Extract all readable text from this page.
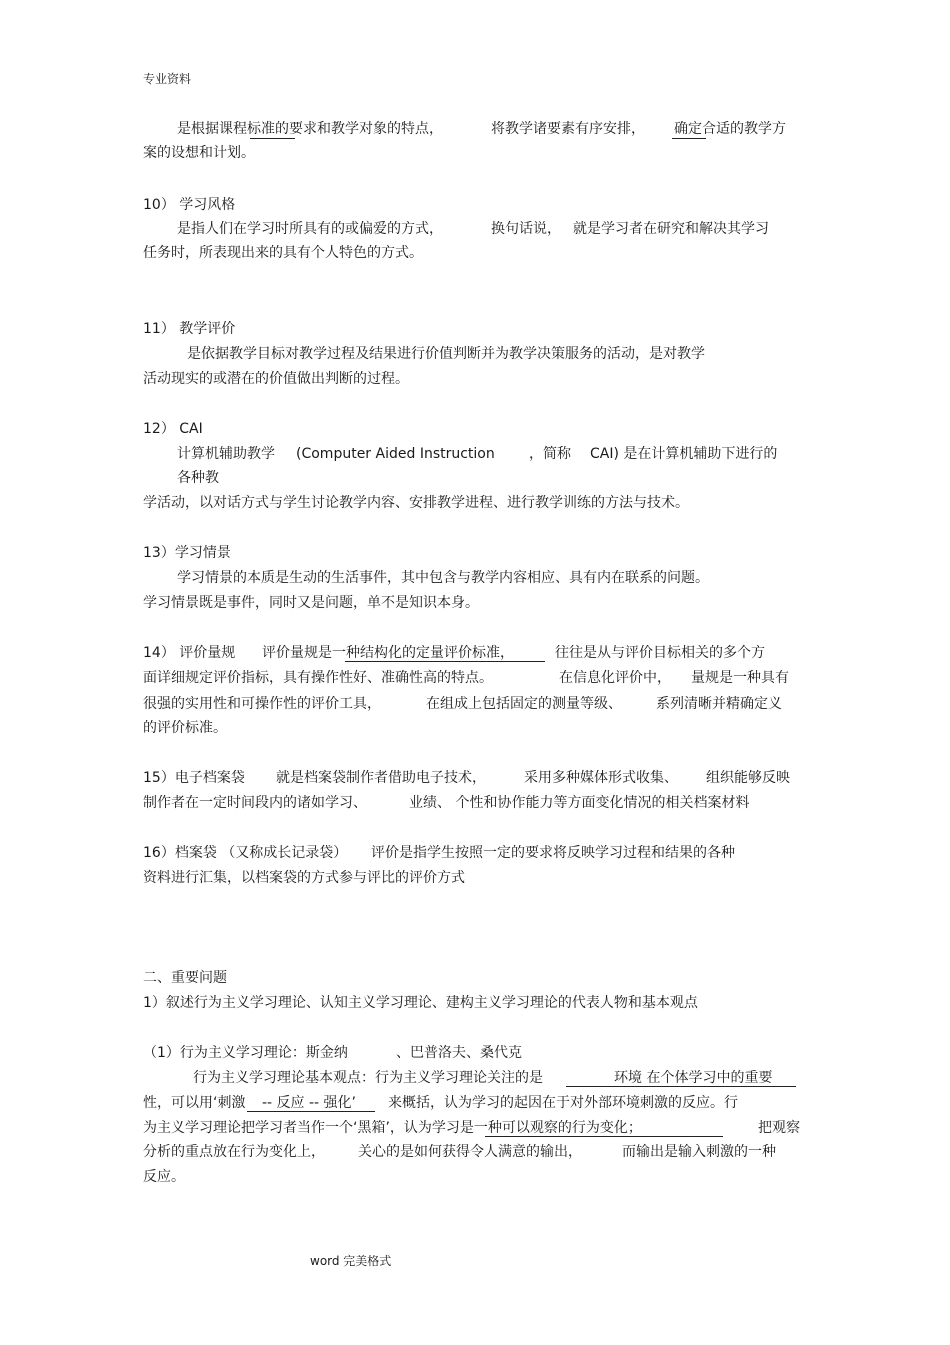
专业资料
是根据课程标准的要求和教学对象的特点，	将教学诸要素有序安排， 确定合适的教学方
案的设想和计划。
10） 学习风格
是指人们在学习时所具有的或偏爱的方式，	换句话说， 就是学习者在研究和解决其学习
任务时，所表现出来的具有个人特色的方式。
11） 教学评价
是依据教学目标对教学过程及结果进行价值判断并为教学决策服务的活动，是对教学
活动现实的或潜在的价值做出判断的过程。
12） CAI
计算机辅助教学 (Computer Aided Instruction ，简称 CAI) 是在计算机辅助下进行的
各种教
学活动，以对话方式与学生讨论教学内容、安排教学进程、进行教学训练的方法与技术。
13）学习情景
学习情景的本质是生动的生活事件，其中包含与教学内容相应、具有内在联系的问题。
学习情景既是事件，同时又是问题，单不是知识本身。
14） 评价量规 评价量规是一种结构化的定量评价标准，	往往是从与评价目标相关的多个方
面详细规定评价指标，具有操作性好、准确性高的特点。	在信息化评价中， 量规是一种具有
很强的实用性和可操作性的评价工具，	在组成上包括固定的测量等级、 系列清晰并精确定义
的评价标准。
15）电子档案袋 就是档案袋制作者借助电子技术，	采用多种媒体形式收集、 组织能够反映
制作者在一定时间段内的诸如学习、	业绩、 个性和协作能力等方面变化情况的相关档案材料
16）档案袋 （又称成长记录袋） 评价是指学生按照一定的要求将反映学习过程和结果的各种
资料进行汇集，以档案袋的方式参与评比的评价方式
二、重要问题
1）叙述行为主义学习理论、认知主义学习理论、建构主义学习理论的代表人物和基本观点
（1）行为主义学习理论：斯金纳	、巴普洛夫、桑代克
行为主义学习理论基本观点：行为主义学习理论关注的是	环境 在个体学习中的重要
性，可以用‘刺激 -- 反应 -- 强化’ 来概括，认为学习的起因在于对外部环境刺激的反应。行
为主义学习理论把学习者当作一个‘黑箱’，认为学习是一种可以观察的行为变化；	把观察
分析的重点放在行为变化上， 关心的是如何获得令人满意的输出，	而输出是输入刺激的一种
反应。
word 完美格式
